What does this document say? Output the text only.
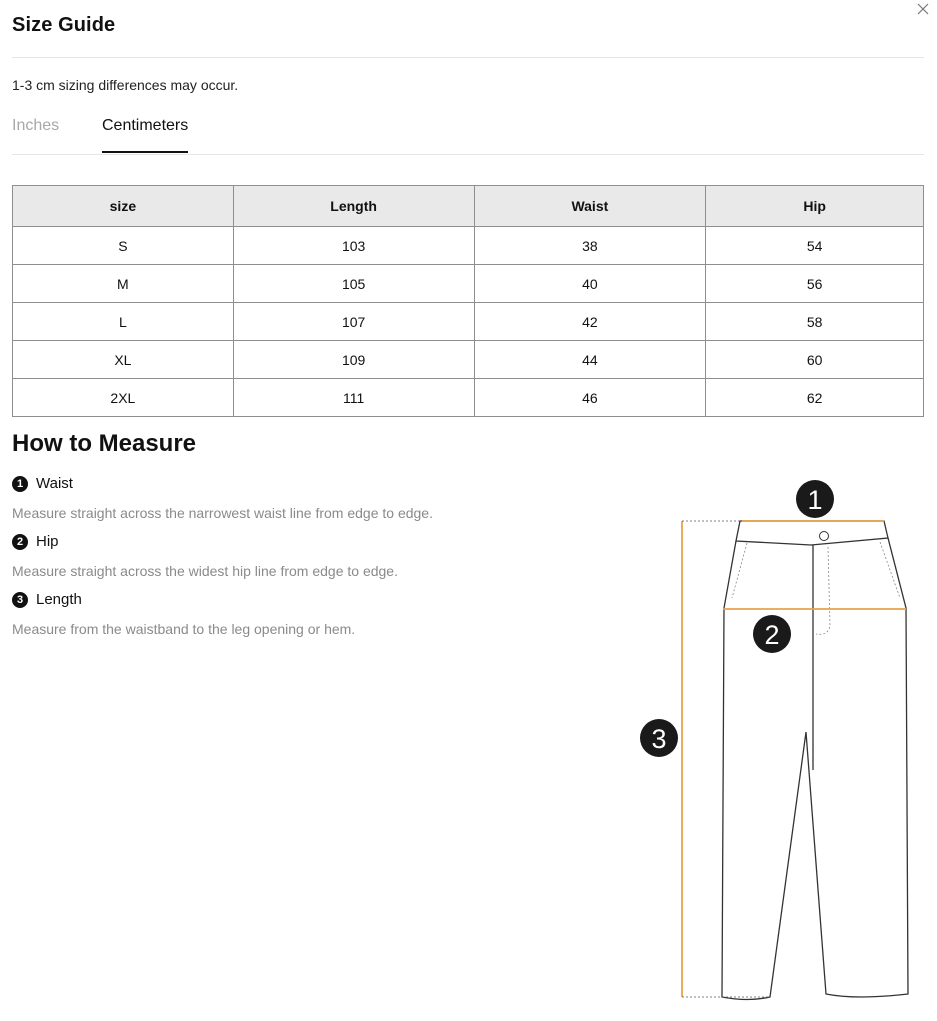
Size Guide
1-3 cm sizing differences may occur.
Inches	Centimeters
size	Length	Waist	Hip
S	103	38	54
M	105	40	56
L	107	42	58
XL	109	44	60
2XL	111	46	62
How to Measure
1 Waist
Measure straight across the narrowest waist line from edge to edge.
2 Hip
Measure straight across the widest hip line from edge to edge.
3 Length
Measure from the waistband to the leg opening or hem.
1
2
3
